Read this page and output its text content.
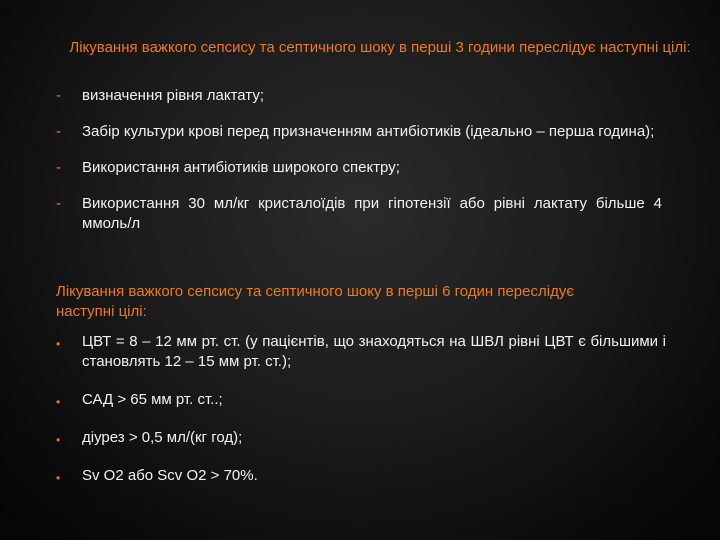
Лікування важкого сепсису та септичного шоку в перші 3 години переслідує наступні цілі:
-	визначення рівня лактату;
-	Забір культури крові перед призначенням антибіотиків (ідеально – перша година);
-	Використання антибіотиків широкого спектру;
-	Використання 30 мл/кг кристалоїдів при гіпотензії або рівні лактату більше 4 ммоль/л
Лікування важкого сепсису та септичного шоку в перші 6 годин переслідує наступні цілі:
•	ЦВТ = 8 – 12 мм рт. ст. (у пацієнтів, що знаходяться на ШВЛ рівні ЦВТ є більшими і становлять 12 – 15 мм рт. ст.);
•	САД > 65 мм рт. ст..;
•	діурез > 0,5 мл/(кг год);
•	Sv O2 або Scv O2 > 70%.
